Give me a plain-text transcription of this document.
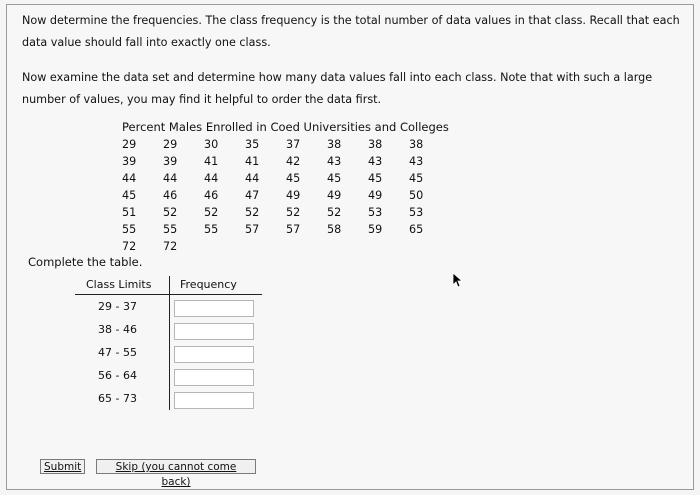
Now determine the frequencies. The class frequency is the total number of data values in that class. Recall that each data value should fall into exactly one class.
Now examine the data set and determine how many data values fall into each class. Note that with such a large number of values, you may find it helpful to order the data first.
Percent Males Enrolled in Coed Universities and Colleges
29	29	30	35	37	38	38	38
39	39	41	41	42	43	43	43
44	44	44	44	45	45	45	45
45	46	46	47	49	49	49	50
51	52	52	52	52	52	53	53
55	55	55	57	57	58	59	65
72	72
Complete the table.
Class Limits	Frequency
29 - 37
38 - 46
47 - 55
56 - 64
65 - 73
Submit	Skip (you cannot come back)
